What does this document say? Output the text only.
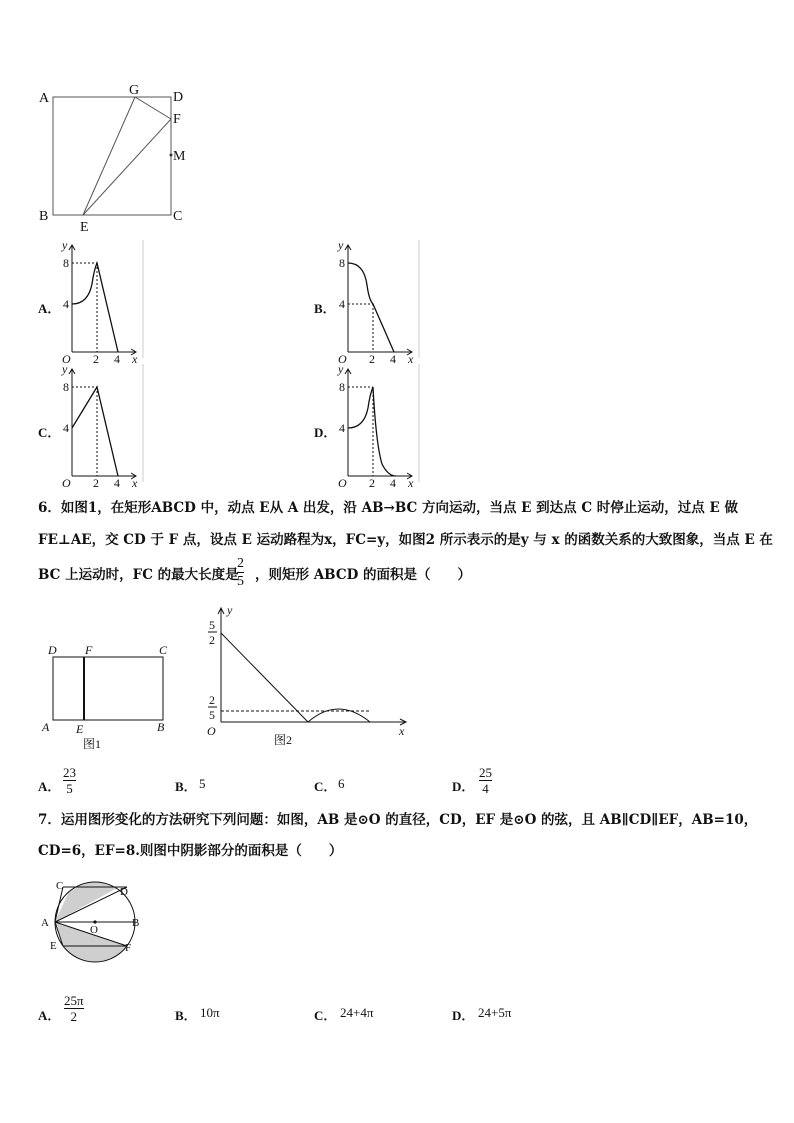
A
G D
F
M
B
E
C
A．
y
8
4
O 2 4 x
B．
y
8
4
O 2 4 x
C．
y
8
4
O 2 4 x
D．
y
8
4
O 2 4 x
6．如图1，在矩形ABCD 中，动点 E从 A 出发，沿 AB→BC 方向运动，当点 E 到达点 C 时停止运动，过点 E 做
FE⊥AE，交 CD 于 F 点，设点 E 运动路程为x，FC=y，如图2 所示表示的是y 与 x 的函数关系的大致图象，当点 E 在
BC 上运动时，FC 的最大长度是
2
5 ，则矩形 ABCD 的面积是（　　）
D F	C
A E	B
图1
y
5
2
2
5
O	x
图2
A．
23
5	B． 5	C． 6	D．
25
4
7．运用图形变化的方法研究下列问题：如图，AB 是⊙O 的直径，CD，EF 是⊙O 的弦，且 AB∥CD∥EF，AB=10，
CD=6，EF=8.则图中阴影部分的面积是（　　）
C	D
A	B
O
E	F
A．
25π
2	B． 10π	C． 24+4π	D． 24+5π
